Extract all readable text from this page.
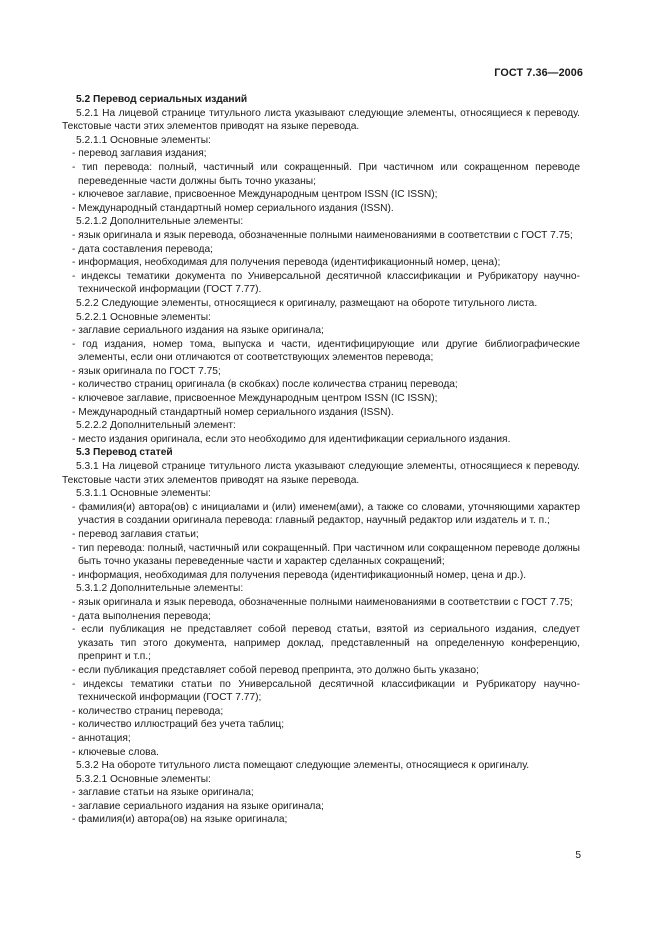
ГОСТ 7.36—2006

5.2 Перевод сериальных изданий

5.2.1 На лицевой странице титульного листа указывают следующие элементы, относящиеся к переводу. Текстовые части этих элементов приводят на языке перевода.

5.2.1.1 Основные элементы:

- перевод заглавия издания;

- тип перевода: полный, частичный или сокращенный. При частичном или сокращенном переводе переведенные части должны быть точно указаны;

- ключевое заглавие, присвоенное Международным центром ISSN (IC ISSN);

- Международный стандартный номер сериального издания (ISSN).

5.2.1.2 Дополнительные элементы:

- язык оригинала и язык перевода, обозначенные полными наименованиями в соответствии с ГОСТ 7.75;

- дата составления перевода;

- информация, необходимая для получения перевода (идентификационный номер, цена);

- индексы тематики документа по Универсальной десятичной классификации и Рубрикатору научно-технической информации (ГОСТ 7.77).

5.2.2 Следующие элементы, относящиеся к оригиналу, размещают на обороте титульного листа.

5.2.2.1 Основные элементы:

- заглавие сериального издания на языке оригинала;

- год издания, номер тома, выпуска и части, идентифицирующие или другие библиографические элементы, если они отличаются от соответствующих элементов перевода;

- язык оригинала по ГОСТ 7.75;

- количество страниц оригинала (в скобках) после количества страниц перевода;

- ключевое заглавие, присвоенное Международным центром ISSN (IC ISSN);

- Международный стандартный номер сериального издания (ISSN).

5.2.2.2 Дополнительный элемент:

- место издания оригинала, если это необходимо для идентификации сериального издания.

5.3 Перевод статей

5.3.1 На лицевой странице титульного листа указывают следующие элементы, относящиеся к переводу. Текстовые части этих элементов приводят на языке перевода.

5.3.1.1 Основные элементы:

- фамилия(и) автора(ов) с инициалами и (или) именем(ами), а также со словами, уточняющими характер участия в создании оригинала перевода: главный редактор, научный редактор или издатель и т. п.;

- перевод заглавия статьи;

- тип перевода: полный, частичный или сокращенный. При частичном или сокращенном переводе должны быть точно указаны переведенные части и характер сделанных сокращений;

- информация, необходимая для получения перевода (идентификационный номер, цена и др.).

5.3.1.2 Дополнительные элементы:

- язык оригинала и язык перевода, обозначенные полными наименованиями в соответствии с ГОСТ 7.75;

- дата выполнения перевода;

- если публикация не представляет собой перевод статьи, взятой из сериального издания, следует указать тип этого документа, например доклад, представленный на определенную конференцию, препринт и т.п.;

- если публикация представляет собой перевод препринта, это должно быть указано;

- индексы тематики статьи по Универсальной десятичной классификации и Рубрикатору научно-технической информации (ГОСТ 7.77);

- количество страниц перевода;

- количество иллюстраций без учета таблиц;

- аннотация;

- ключевые слова.

5.3.2 На обороте титульного листа помещают следующие элементы, относящиеся к оригиналу.

5.3.2.1 Основные элементы:

- заглавие статьи на языке оригинала;

- заглавие сериального издания на языке оригинала;

- фамилия(и) автора(ов) на языке оригинала;

5
